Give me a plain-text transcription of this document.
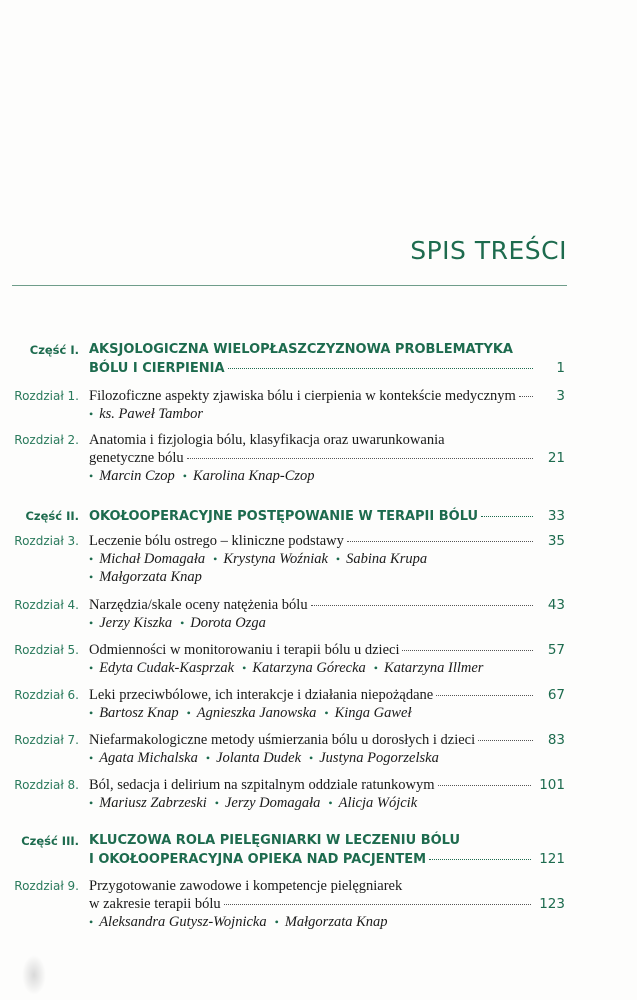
SPIS TREŚCI
Część I. AKSJOLOGICZNA WIELOPŁASZCZYZNOWA PROBLEMATYKA
BÓLU I CIERPIENIA	1
Rozdział 1. Filozoficzne aspekty zjawiska bólu i cierpienia w kontekście medycznym	3
• ks. Paweł Tambor
Rozdział 2. Anatomia i fizjologia bólu, klasyfikacja oraz uwarunkowania
genetyczne bólu	21
• Marcin Czop • Karolina Knap-Czop
Część II. OKOŁOOPERACYJNE POSTĘPOWANIE W TERAPII BÓLU	33
Rozdział 3. Leczenie bólu ostrego – kliniczne podstawy	35
• Michał Domagała • Krystyna Woźniak • Sabina Krupa
• Małgorzata Knap
Rozdział 4. Narzędzia/skale oceny natężenia bólu	43
• Jerzy Kiszka • Dorota Ozga
Rozdział 5. Odmienności w monitorowaniu i terapii bólu u dzieci	57
• Edyta Cudak-Kasprzak • Katarzyna Górecka • Katarzyna Illmer
Rozdział 6. Leki przeciwbólowe, ich interakcje i działania niepożądane	67
• Bartosz Knap • Agnieszka Janowska • Kinga Gaweł
Rozdział 7. Niefarmakologiczne metody uśmierzania bólu u dorosłych i dzieci	83
• Agata Michalska • Jolanta Dudek • Justyna Pogorzelska
Rozdział 8. Ból, sedacja i delirium na szpitalnym oddziale ratunkowym	101
• Mariusz Zabrzeski • Jerzy Domagała • Alicja Wójcik
Część III. KLUCZOWA ROLA PIELĘGNIARKI W LECZENIU BÓLU
I OKOŁOOPERACYJNA OPIEKA NAD PACJENTEM	121
Rozdział 9. Przygotowanie zawodowe i kompetencje pielęgniarek
w zakresie terapii bólu	123
• Aleksandra Gutysz-Wojnicka • Małgorzata Knap
